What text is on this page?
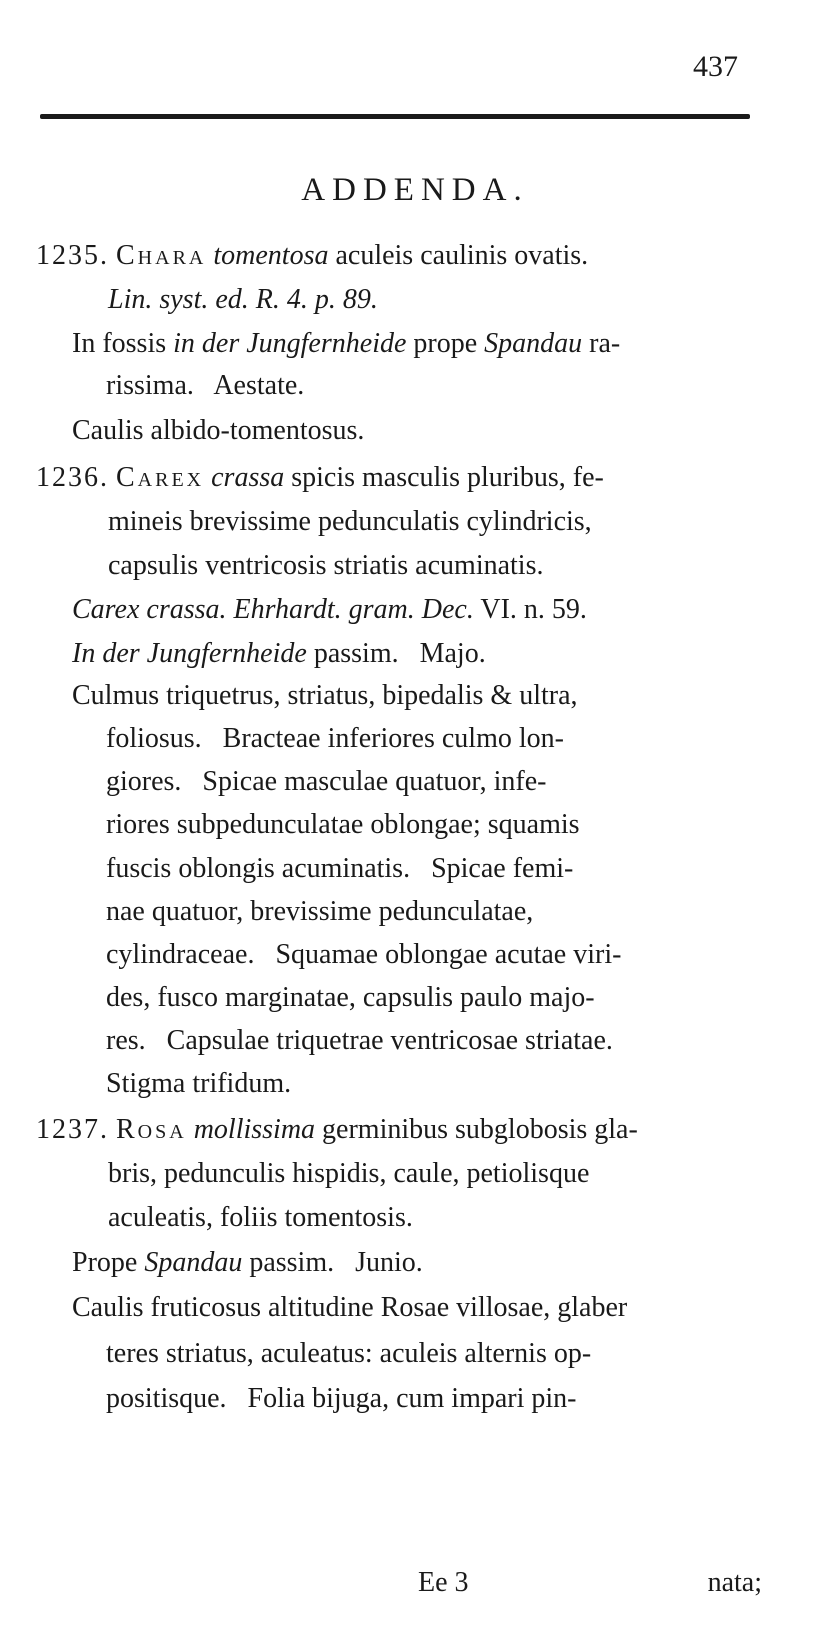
437
ADDENDA.
1235. Chara tomentosa aculeis caulinis ovatis.
Lin. syst. ed. R. 4. p. 89.
In fossis in der Jungfernheide prope Spandau ra-
rissima.   Aestate.
Caulis albido-tomentosus.
1236. Carex crassa spicis masculis pluribus, fe-
mineis brevissime pedunculatis cylindricis,
capsulis ventricosis striatis acuminatis.
Carex crassa. Ehrhardt. gram. Dec. VI. n. 59.
In der Jungfernheide passim.   Majo.
Culmus triquetrus, striatus, bipedalis & ultra,
foliosus.   Bracteae inferiores culmo lon-
giores.   Spicae masculae quatuor, infe-
riores subpedunculatae oblongae; squamis
fuscis oblongis acuminatis.   Spicae femi-
nae quatuor, brevissime pedunculatae,
cylindraceae.   Squamae oblongae acutae viri-
des, fusco marginatae, capsulis paulo majo-
res.   Capsulae triquetrae ventricosae striatae.
Stigma trifidum.
1237. Rosa mollissima germinibus subglobosis gla-
bris, pedunculis hispidis, caule, petiolisque
aculeatis, foliis tomentosis.
Prope Spandau passim.   Junio.
Caulis fruticosus altitudine Rosae villosae, glaber
teres striatus, aculeatus: aculeis alternis op-
positisque.   Folia bijuga, cum impari pin-
Ee 3	nata;
